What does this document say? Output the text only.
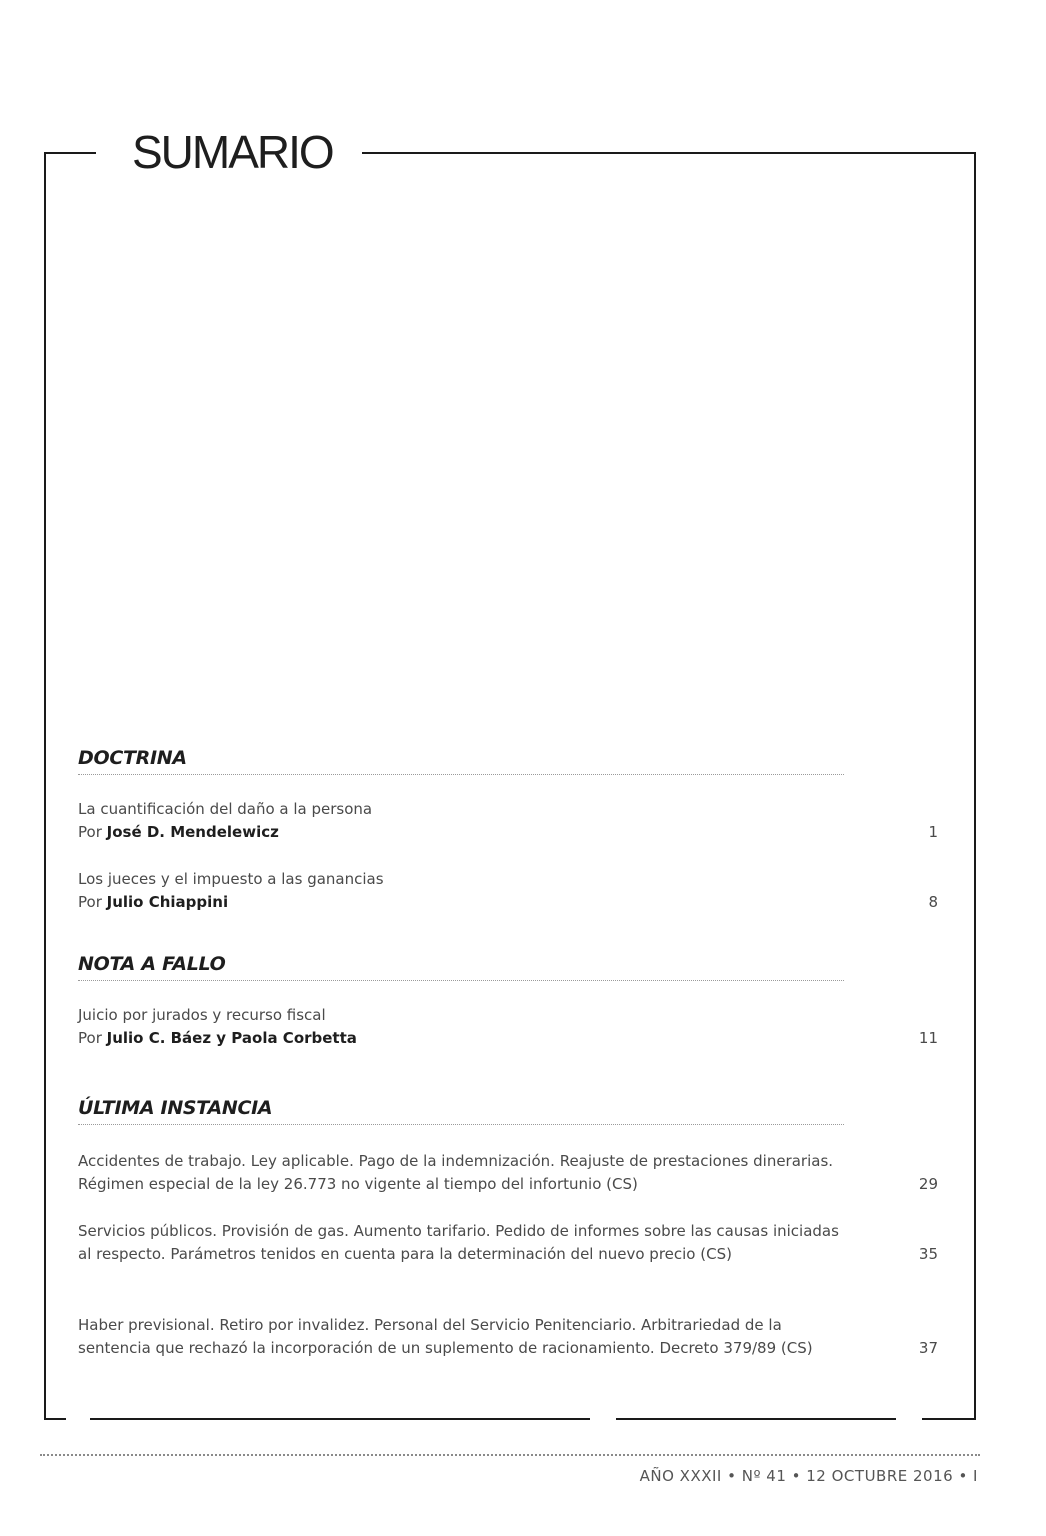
SUMARIO
DOCTRINA
La cuantificación del daño a la persona
Por José D. Mendelewicz	1
Los jueces y el impuesto a las ganancias
Por Julio Chiappini	8
NOTA A FALLO
Juicio por jurados y recurso fiscal
Por Julio C. Báez y Paola Corbetta	11
ÚLTIMA INSTANCIA
Accidentes de trabajo. Ley aplicable. Pago de la indemnización. Reajuste de prestaciones dinerarias. Régimen especial de la ley 26.773 no vigente al tiempo del infortunio (CS)	29
Servicios públicos. Provisión de gas. Aumento tarifario. Pedido de informes sobre las causas iniciadas al respecto. Parámetros tenidos en cuenta para la determinación del nuevo precio (CS)	35
Haber previsional. Retiro por invalidez. Personal del Servicio Penitenciario. Arbitrariedad de la sentencia que rechazó la incorporación de un suplemento de racionamiento. Decreto 379/89 (CS)	37
AÑO XXXII • Nº 41 • 12 OCTUBRE 2016 • I
